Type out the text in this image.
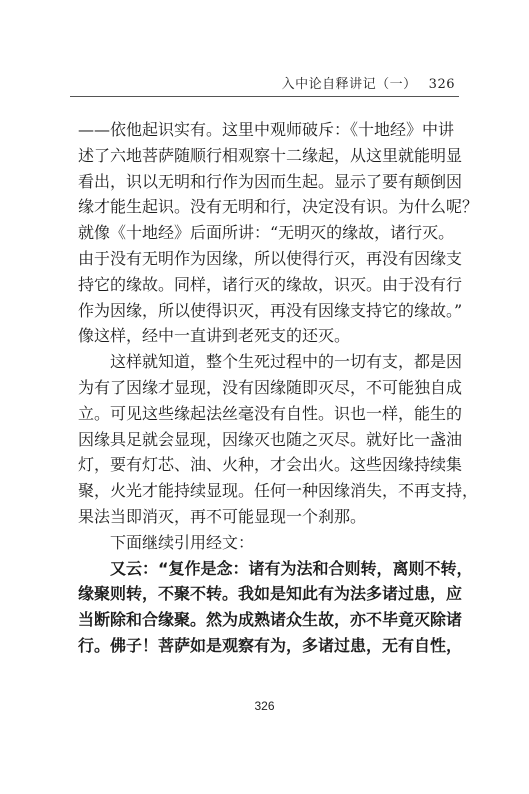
入中论自释讲记（一） 326
——依他起识实有。这里中观师破斥：《十地经》中讲
述了六地菩萨随顺行相观察十二缘起，从这里就能明显
看出，识以无明和行作为因而生起。显示了要有颠倒因
缘才能生起识。没有无明和行，决定没有识。为什么呢？
就像《十地经》后面所讲：“无明灭的缘故，诸行灭。
由于没有无明作为因缘，所以使得行灭，再没有因缘支
持它的缘故。同样，诸行灭的缘故，识灭。由于没有行
作为因缘，所以使得识灭，再没有因缘支持它的缘故。”
像这样，经中一直讲到老死支的还灭。
这样就知道，整个生死过程中的一切有支，都是因
为有了因缘才显现，没有因缘随即灭尽，不可能独自成
立。可见这些缘起法丝毫没有自性。识也一样，能生的
因缘具足就会显现，因缘灭也随之灭尽。就好比一盏油
灯，要有灯芯、油、火种，才会出火。这些因缘持续集
聚，火光才能持续显现。任何一种因缘消失，不再支持，
果法当即消灭，再不可能显现一个刹那。
下面继续引用经文：
又云：“复作是念：诸有为法和合则转，离则不转，
缘聚则转，不聚不转。我如是知此有为法多诸过患，应
当断除和合缘聚。然为成熟诸众生故，亦不毕竟灭除诸
行。佛子！菩萨如是观察有为，多诸过患，无有自性，
326
